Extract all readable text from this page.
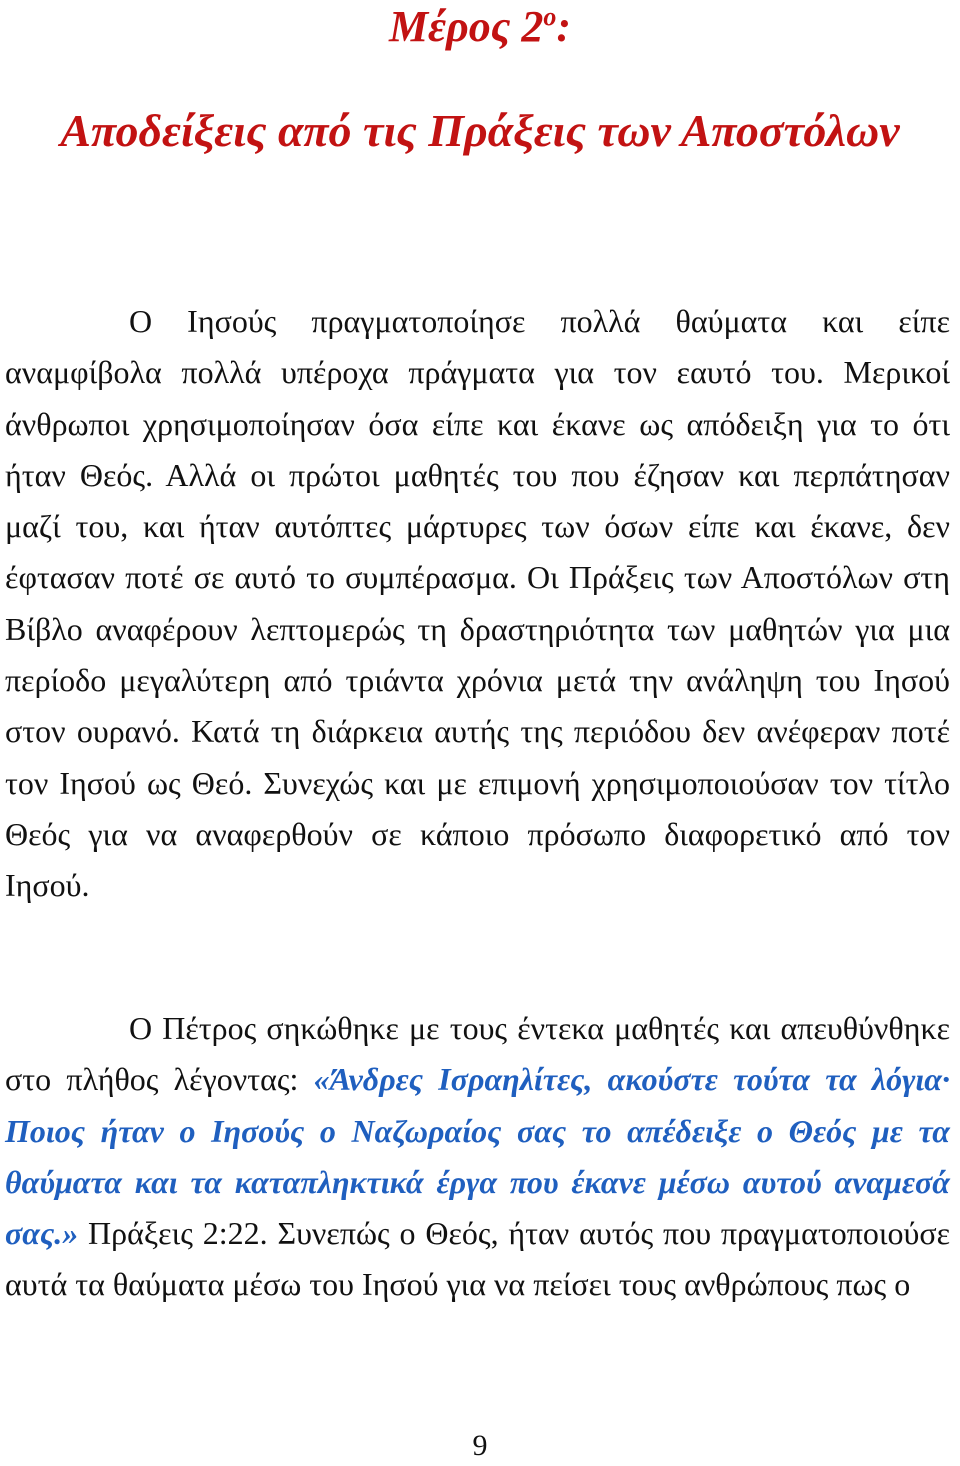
Μέρος $2^o$:
Αποδείξεις από τις Πράξεις των Αποστόλων

Ο Ιησούς πραγματοποίησε πολλά θαύματα και είπε αναμφίβολα πολλά υπέροχα πράγματα για τον εαυτό του. Μερικοί άνθρωποι χρησιμοποίησαν όσα είπε και έκανε ως απόδειξη για το ότι ήταν Θεός. Αλλά οι πρώτοι μαθητές του που έζησαν και περπάτησαν μαζί του, και ήταν αυτόπτες μάρτυρες των όσων είπε και έκανε, δεν έφτασαν ποτέ σε αυτό το συμπέρασμα. Οι Πράξεις των Αποστόλων στη Βίβλο αναφέρουν λεπτομερώς τη δραστηριότητα των μαθητών για μια περίοδο μεγαλύτερη από τριάντα χρόνια μετά την ανάληψη του Ιησού στον ουρανό. Κατά τη διάρκεια αυτής της περιόδου δεν ανέφεραν ποτέ τον Ιησού ως Θεό. Συνεχώς και με επιμονή χρησιμοποιούσαν τον τίτλο Θεός για να αναφερθούν σε κάποιο πρόσωπο διαφορετικό από τον Ιησού.

Ο Πέτρος σηκώθηκε με τους έντεκα μαθητές και απευθύνθηκε στο πλήθος λέγοντας: «Άνδρες Ισραηλίτες, ακούστε τούτα τα λόγια· Ποιος ήταν ο Ιησούς ο Ναζωραίος σας το απέδειξε ο Θεός με τα θαύματα και τα καταπληκτικά έργα που έκανε μέσω αυτού αναμεσά σας.» Πράξεις 2:22. Συνεπώς ο Θεός, ήταν αυτός που πραγματοποιούσε αυτά τα θαύματα μέσω του Ιησού για να πείσει τους ανθρώπους πως ο

9
